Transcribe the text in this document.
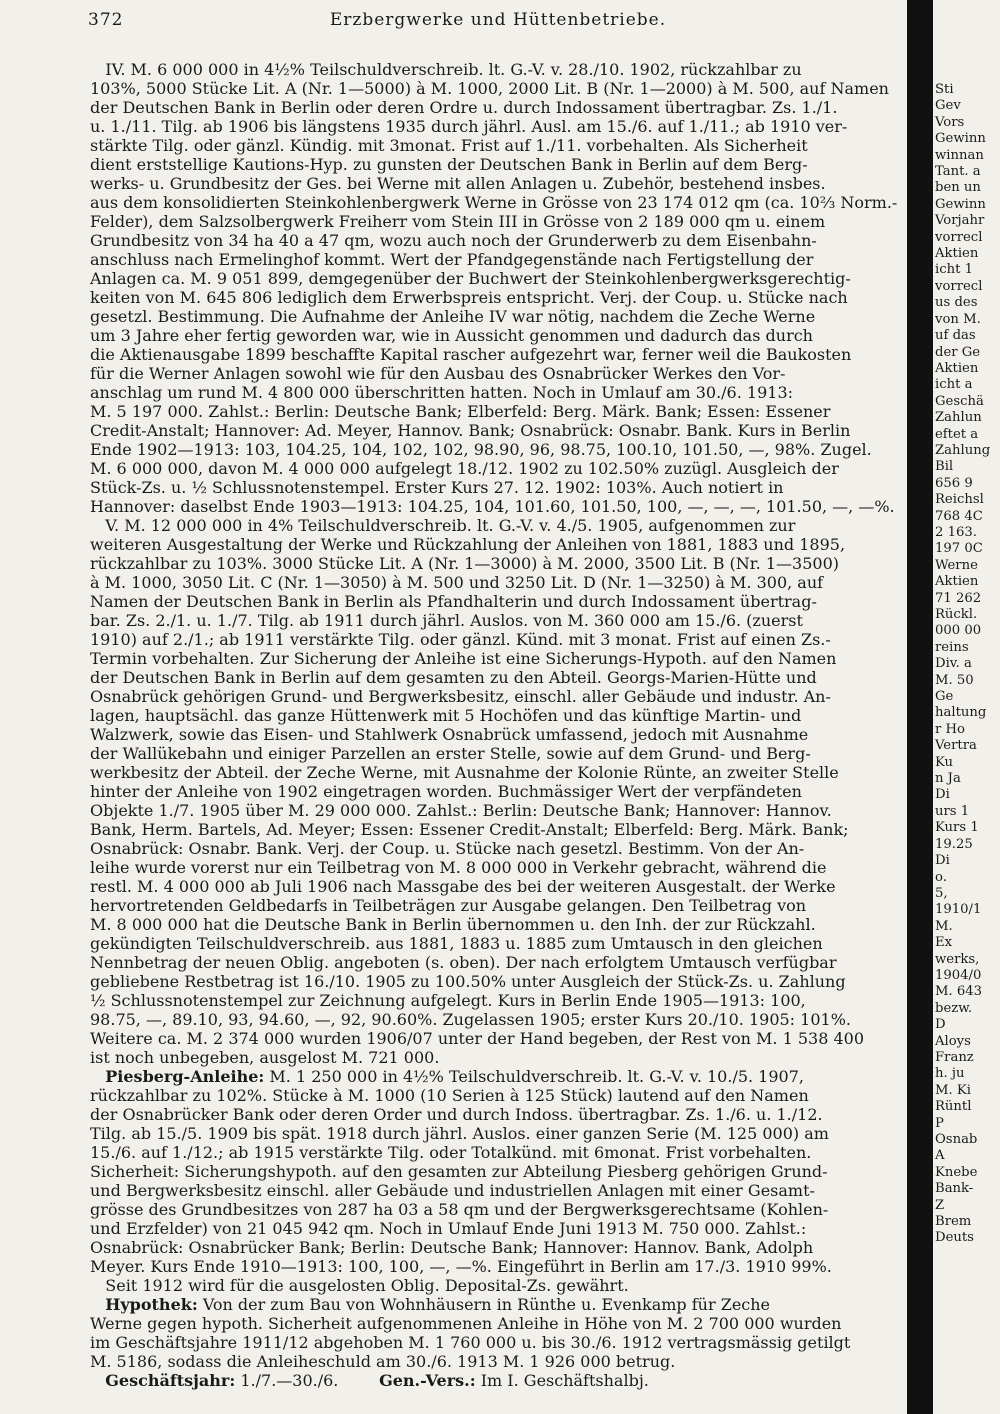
372	Erzbergwerke und Hüttenbetriebe.
IV. M. 6 000 000 in 4½% Teilschuldverschreib. lt. G.-V. v. 28./10. 1902, rückzahlbar zu
103%, 5000 Stücke Lit. A (Nr. 1—5000) à M. 1000, 2000 Lit. B (Nr. 1—2000) à M. 500, auf Namen
der Deutschen Bank in Berlin oder deren Ordre u. durch Indossament übertragbar. Zs. 1./1.
u. 1./11. Tilg. ab 1906 bis längstens 1935 durch jährl. Ausl. am 15./6. auf 1./11.; ab 1910 ver-
stärkte Tilg. oder gänzl. Kündig. mit 3monat. Frist auf 1./11. vorbehalten. Als Sicherheit
dient erststellige Kautions-Hyp. zu gunsten der Deutschen Bank in Berlin auf dem Berg-
werks- u. Grundbesitz der Ges. bei Werne mit allen Anlagen u. Zubehör, bestehend insbes.
aus dem konsolidierten Steinkohlenbergwerk Werne in Grösse von 23 174 012 qm (ca. 10⅔ Norm.-
Felder), dem Salzsolbergwerk Freiherr vom Stein III in Grösse von 2 189 000 qm u. einem
Grundbesitz von 34 ha 40 a 47 qm, wozu auch noch der Grunderwerb zu dem Eisenbahn-
anschluss nach Ermelinghof kommt. Wert der Pfandgegenstände nach Fertigstellung der
Anlagen ca. M. 9 051 899, demgegenüber der Buchwert der Steinkohlenbergwerksgerechtig-
keiten von M. 645 806 lediglich dem Erwerbspreis entspricht. Verj. der Coup. u. Stücke nach
gesetzl. Bestimmung. Die Aufnahme der Anleihe IV war nötig, nachdem die Zeche Werne
um 3 Jahre eher fertig geworden war, wie in Aussicht genommen und dadurch das durch
die Aktienausgabe 1899 beschaffte Kapital rascher aufgezehrt war, ferner weil die Baukosten
für die Werner Anlagen sowohl wie für den Ausbau des Osnabrücker Werkes den Vor-
anschlag um rund M. 4 800 000 überschritten hatten. Noch in Umlauf am 30./6. 1913:
M. 5 197 000. Zahlst.: Berlin: Deutsche Bank; Elberfeld: Berg. Märk. Bank; Essen: Essener
Credit-Anstalt; Hannover: Ad. Meyer, Hannov. Bank; Osnabrück: Osnabr. Bank. Kurs in Berlin
Ende 1902—1913: 103, 104.25, 104, 102, 102, 98.90, 96, 98.75, 100.10, 101.50, —, 98%. Zugel.
M. 6 000 000, davon M. 4 000 000 aufgelegt 18./12. 1902 zu 102.50% zuzügl. Ausgleich der
Stück-Zs. u. ½ Schlussnotenstempel. Erster Kurs 27. 12. 1902: 103%. Auch notiert in
Hannover: daselbst Ende 1903—1913: 104.25, 104, 101.60, 101.50, 100, —, —, —, 101.50, —, —%.
V. M. 12 000 000 in 4% Teilschuldverschreib. lt. G.-V. v. 4./5. 1905, aufgenommen zur
weiteren Ausgestaltung der Werke und Rückzahlung der Anleihen von 1881, 1883 und 1895,
rückzahlbar zu 103%. 3000 Stücke Lit. A (Nr. 1—3000) à M. 2000, 3500 Lit. B (Nr. 1—3500)
à M. 1000, 3050 Lit. C (Nr. 1—3050) à M. 500 und 3250 Lit. D (Nr. 1—3250) à M. 300, auf
Namen der Deutschen Bank in Berlin als Pfandhalterin und durch Indossament übertrag-
bar. Zs. 2./1. u. 1./7. Tilg. ab 1911 durch jährl. Auslos. von M. 360 000 am 15./6. (zuerst
1910) auf 2./1.; ab 1911 verstärkte Tilg. oder gänzl. Künd. mit 3 monat. Frist auf einen Zs.-
Termin vorbehalten. Zur Sicherung der Anleihe ist eine Sicherungs-Hypoth. auf den Namen
der Deutschen Bank in Berlin auf dem gesamten zu den Abteil. Georgs-Marien-Hütte und
Osnabrück gehörigen Grund- und Bergwerksbesitz, einschl. aller Gebäude und industr. An-
lagen, hauptsächl. das ganze Hüttenwerk mit 5 Hochöfen und das künftige Martin- und
Walzwerk, sowie das Eisen- und Stahlwerk Osnabrück umfassend, jedoch mit Ausnahme
der Wallükebahn und einiger Parzellen an erster Stelle, sowie auf dem Grund- und Berg-
werkbesitz der Abteil. der Zeche Werne, mit Ausnahme der Kolonie Rünte, an zweiter Stelle
hinter der Anleihe von 1902 eingetragen worden. Buchmässiger Wert der verpfändeten
Objekte 1./7. 1905 über M. 29 000 000. Zahlst.: Berlin: Deutsche Bank; Hannover: Hannov.
Bank, Herm. Bartels, Ad. Meyer; Essen: Essener Credit-Anstalt; Elberfeld: Berg. Märk. Bank;
Osnabrück: Osnabr. Bank. Verj. der Coup. u. Stücke nach gesetzl. Bestimm. Von der An-
leihe wurde vorerst nur ein Teilbetrag von M. 8 000 000 in Verkehr gebracht, während die
restl. M. 4 000 000 ab Juli 1906 nach Massgabe des bei der weiteren Ausgestalt. der Werke
hervortretenden Geldbedarfs in Teilbeträgen zur Ausgabe gelangen. Den Teilbetrag von
M. 8 000 000 hat die Deutsche Bank in Berlin übernommen u. den Inh. der zur Rückzahl.
gekündigten Teilschuldverschreib. aus 1881, 1883 u. 1885 zum Umtausch in den gleichen
Nennbetrag der neuen Oblig. angeboten (s. oben). Der nach erfolgtem Umtausch verfügbar
gebliebene Restbetrag ist 16./10. 1905 zu 100.50% unter Ausgleich der Stück-Zs. u. Zahlung
½ Schlussnotenstempel zur Zeichnung aufgelegt. Kurs in Berlin Ende 1905—1913: 100,
98.75, —, 89.10, 93, 94.60, —, 92, 90.60%. Zugelassen 1905; erster Kurs 20./10. 1905: 101%.
Weitere ca. M. 2 374 000 wurden 1906/07 unter der Hand begeben, der Rest von M. 1 538 400
ist noch unbegeben, ausgelost M. 721 000.
Piesberg-Anleihe: M. 1 250 000 in 4½% Teilschuldverschreib. lt. G.-V. v. 10./5. 1907,
rückzahlbar zu 102%. Stücke à M. 1000 (10 Serien à 125 Stück) lautend auf den Namen
der Osnabrücker Bank oder deren Order und durch Indoss. übertragbar. Zs. 1./6. u. 1./12.
Tilg. ab 15./5. 1909 bis spät. 1918 durch jährl. Auslos. einer ganzen Serie (M. 125 000) am
15./6. auf 1./12.; ab 1915 verstärkte Tilg. oder Totalkünd. mit 6monat. Frist vorbehalten.
Sicherheit: Sicherungshypoth. auf den gesamten zur Abteilung Piesberg gehörigen Grund-
und Bergwerksbesitz einschl. aller Gebäude und industriellen Anlagen mit einer Gesamt-
grösse des Grundbesitzes von 287 ha 03 a 58 qm und der Bergwerksgerechtsame (Kohlen-
und Erzfelder) von 21 045 942 qm. Noch in Umlauf Ende Juni 1913 M. 750 000. Zahlst.:
Osnabrück: Osnabrücker Bank; Berlin: Deutsche Bank; Hannover: Hannov. Bank, Adolph
Meyer. Kurs Ende 1910—1913: 100, 100, —, —%. Eingeführt in Berlin am 17./3. 1910 99%.
Seit 1912 wird für die ausgelosten Oblig. Deposital-Zs. gewährt.
Hypothek: Von der zum Bau von Wohnhäusern in Rünthe u. Evenkamp für Zeche
Werne gegen hypoth. Sicherheit aufgenommenen Anleihe in Höhe von M. 2 700 000 wurden
im Geschäftsjahre 1911/12 abgehoben M. 1 760 000 u. bis 30./6. 1912 vertragsmässig getilgt
M. 5186, sodass die Anleiheschuld am 30./6. 1913 M. 1 926 000 betrug.
Geschäftsjahr: 1./7.—30./6.	Gen.-Vers.: Im I. Geschäftshalbj.
Sti
Gev
Vors
Gewinn
winnan
Tant. a
ben un
Gewinn
Vorjahr
vorrecl
Aktien
icht 1
vorrecl
us des
von M.
uf das
der Ge
Aktien
icht a
Geschä
Zahlun
eftet a
Zahlung
Bil
656 9
Reichsl
768 4C
2 163.
197 0C
Werne
Aktien
71 262
Rückl.
000 00
reins
Div. a
M. 50
Ge
haltung
r Ho
Vertra
Ku
n Ja
Di
urs 1
Kurs 1
19.25
Di
o.
5,
1910/1
M.
Ex
werks,
1904/0
M. 643
bezw.
D
Aloys
Franz
h. ju
M. Ki
Rüntl
P
Osnab
A
Knebe
Bank-
Z
Brem
Deuts
